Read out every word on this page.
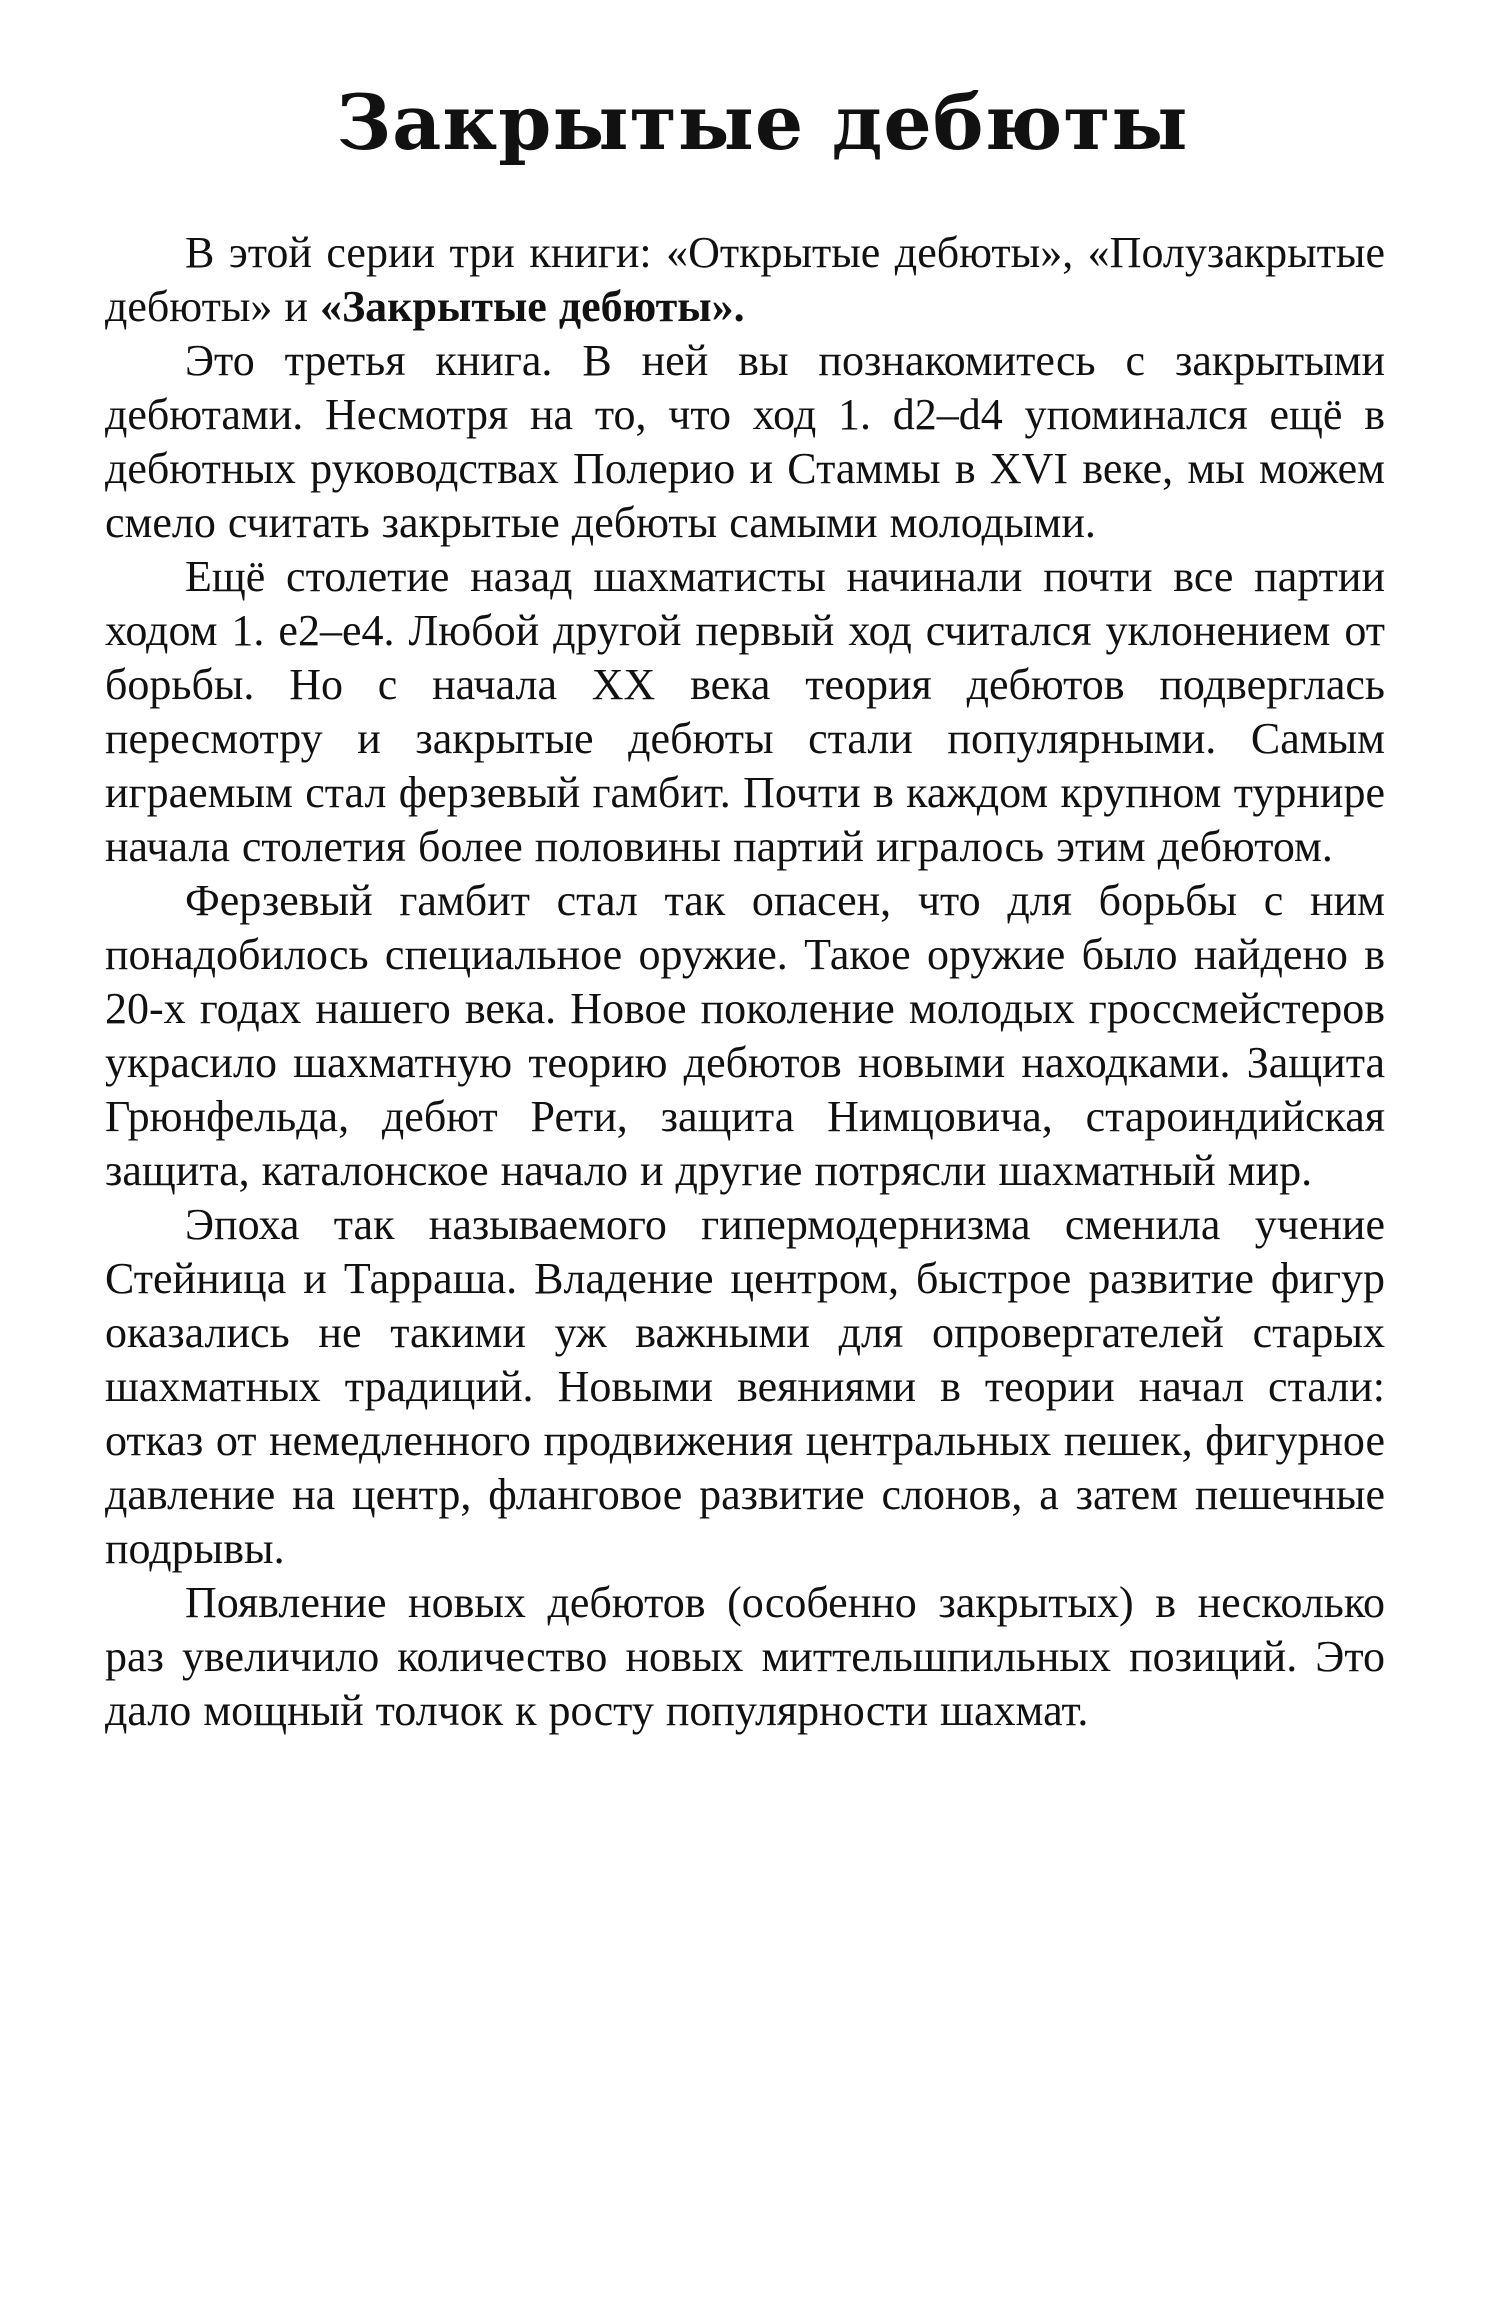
Закрытые дебюты

В этой серии три книги: «Открытые дебюты», «Полузакрытые дебюты» и «Закрытые дебюты».

Это третья книга. В ней вы познакомитесь с закрытыми дебютами. Несмотря на то, что ход 1. d2–d4 упоминался ещё в дебютных руководствах Полерио и Стаммы в XVI веке, мы можем смело считать закрытые дебюты самыми молодыми.

Ещё столетие назад шахматисты начинали почти все партии ходом 1. e2–e4. Любой другой первый ход считался уклонением от борьбы. Но с начала XX века теория дебютов подверглась пересмотру и закрытые дебюты стали популярными. Самым играемым стал ферзевый гамбит. Почти в каждом крупном турнире начала столетия более половины партий игралось этим дебютом.

Ферзевый гамбит стал так опасен, что для борьбы с ним понадобилось специальное оружие. Такое оружие было найдено в 20-х годах нашего века. Новое поколение молодых гроссмейстеров украсило шахматную теорию дебютов новыми находками. Защита Грюнфельда, дебют Рети, защита Нимцовича, староиндийская защита, каталонское начало и другие потрясли шахматный мир.

Эпоха так называемого гипермодернизма сменила учение Стейница и Тарраша. Владение центром, быстрое развитие фигур оказались не такими уж важными для опровергателей старых шахматных традиций. Новыми веяниями в теории начал стали: отказ от немедленного продвижения центральных пешек, фигурное давление на центр, фланговое развитие слонов, а затем пешечные подрывы.

Появление новых дебютов (особенно закрытых) в несколько раз увеличило количество новых миттельшпильных позиций. Это дало мощный толчок к росту популярности шахмат.
